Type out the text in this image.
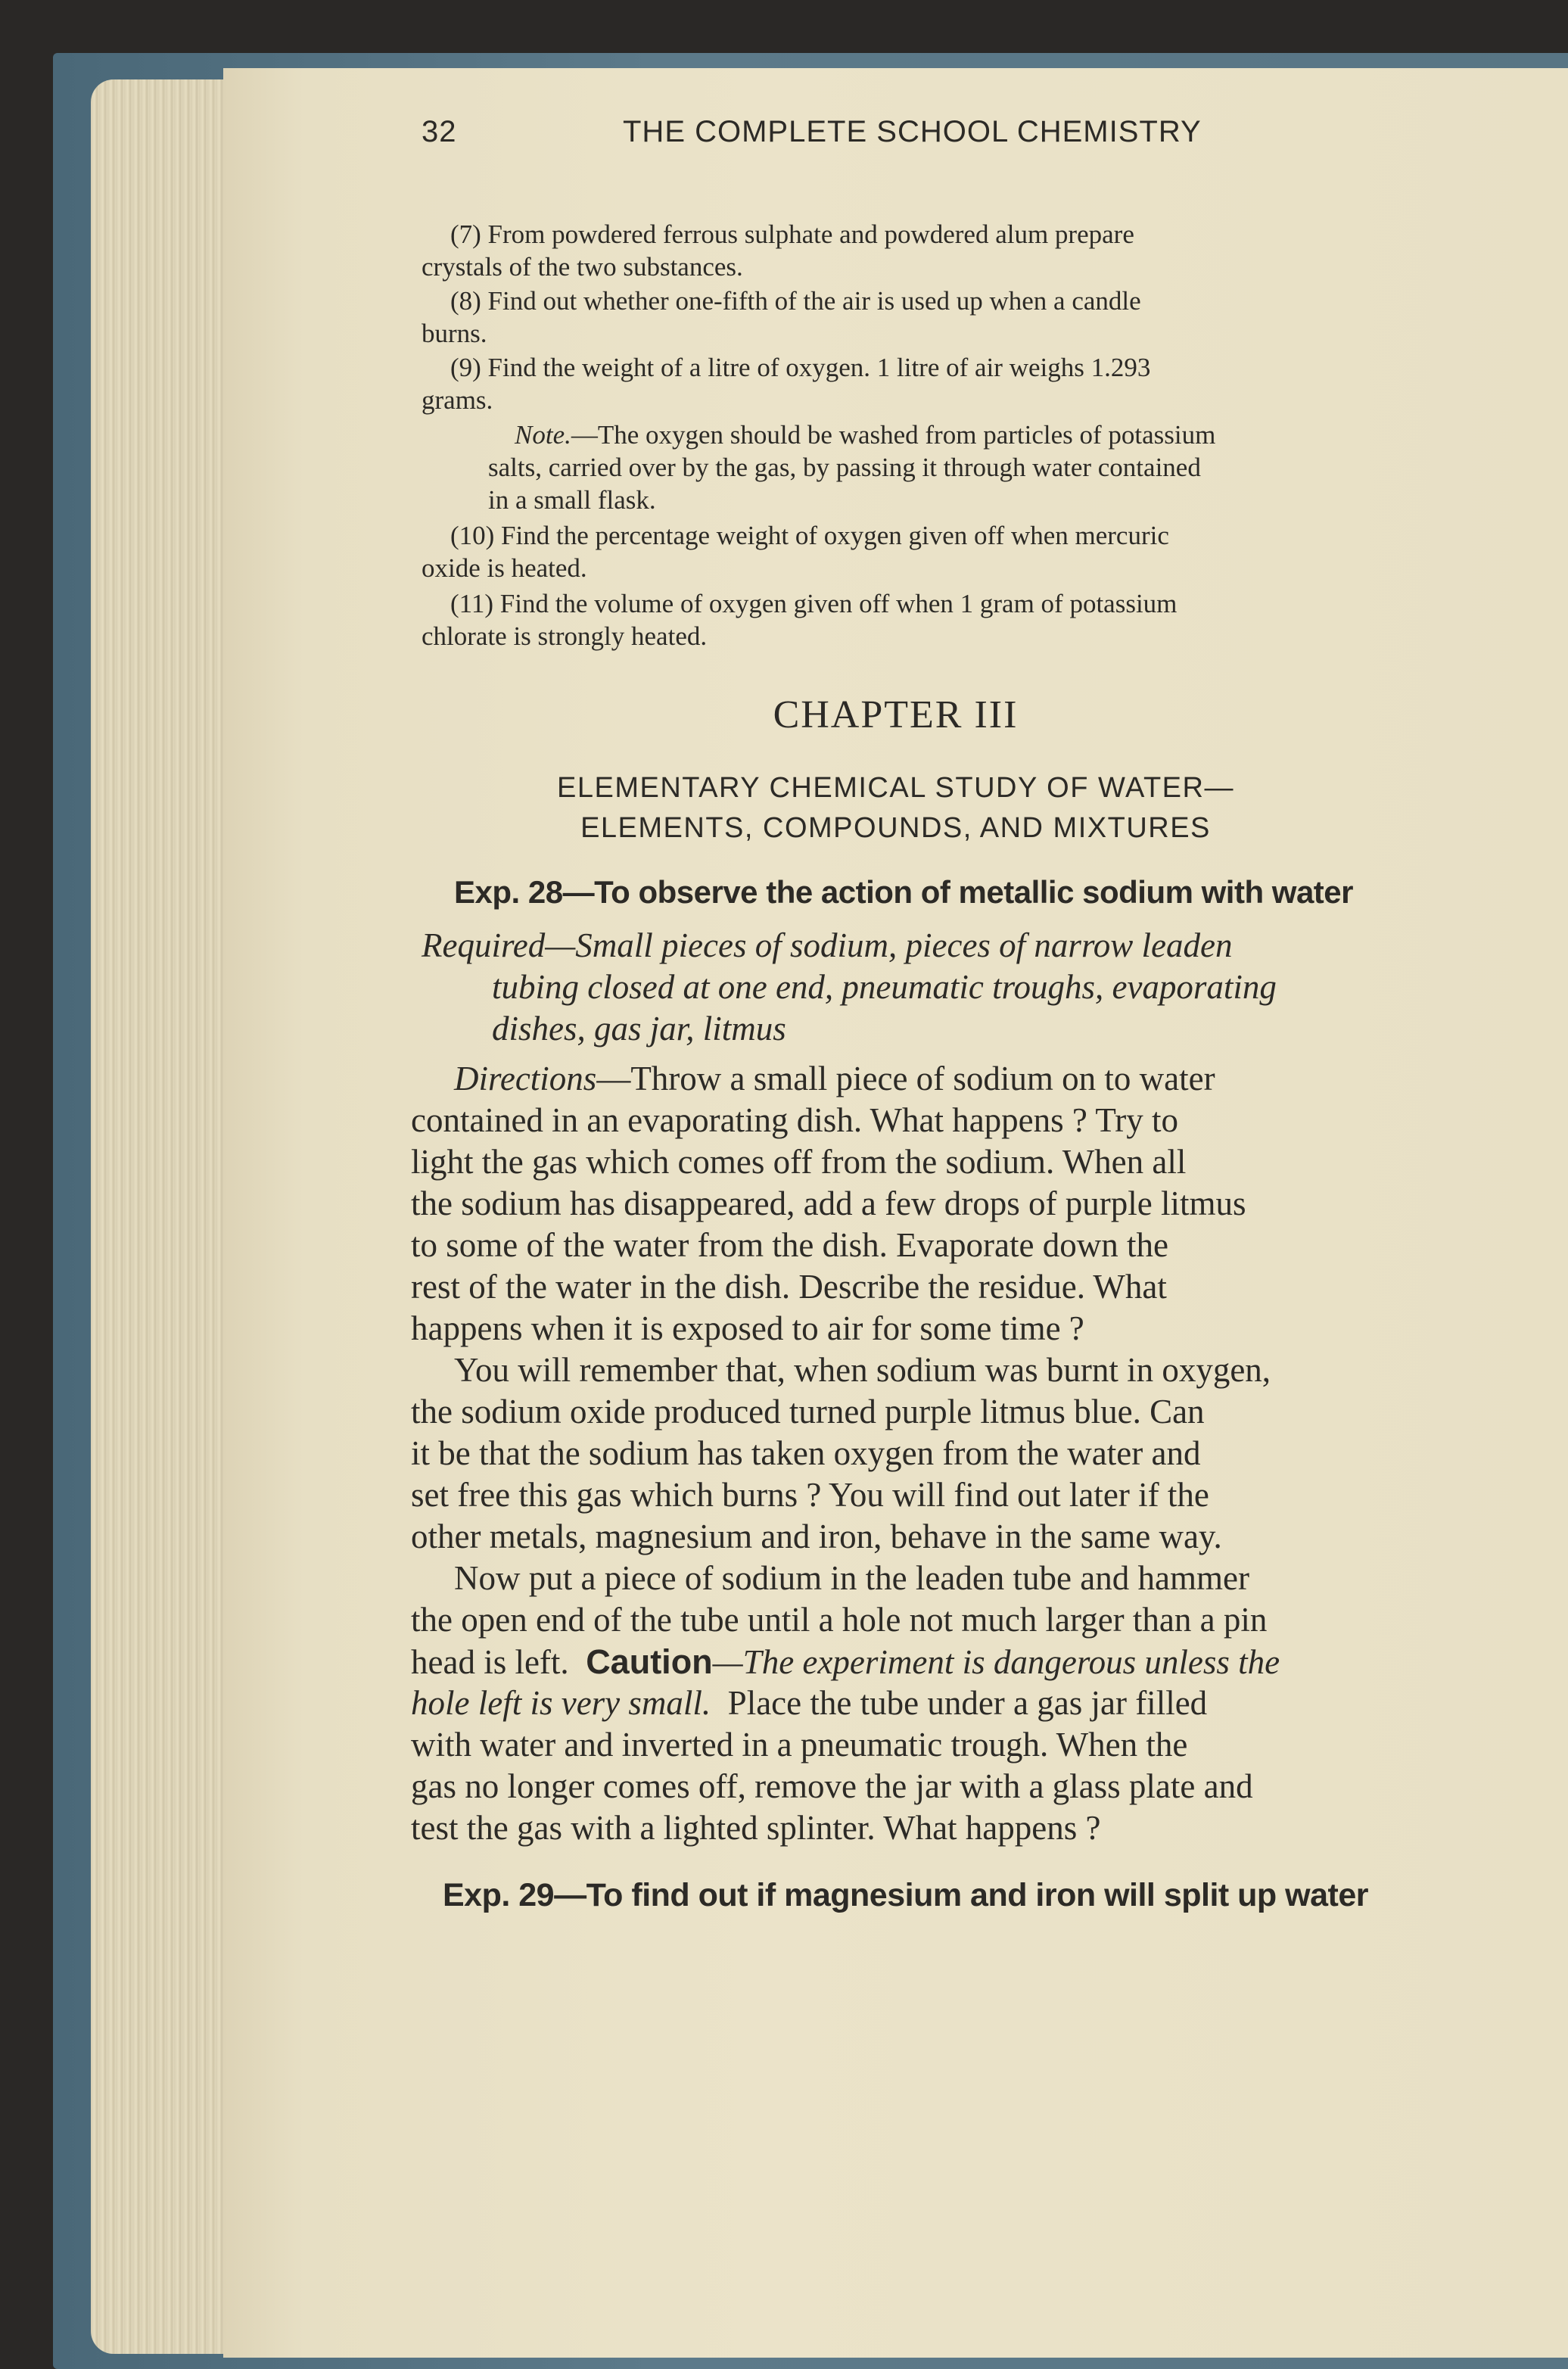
32	THE COMPLETE SCHOOL CHEMISTRY
(7) From powdered ferrous sulphate and powdered alum prepare
crystals of the two substances.
(8) Find out whether one-fifth of the air is used up when a candle
burns.
(9) Find the weight of a litre of oxygen. 1 litre of air weighs 1.293
grams.
Note.—The oxygen should be washed from particles of potassium
salts, carried over by the gas, by passing it through water contained
in a small flask.
(10) Find the percentage weight of oxygen given off when mercuric
oxide is heated.
(11) Find the volume of oxygen given off when 1 gram of potassium
chlorate is strongly heated.
CHAPTER III
ELEMENTARY CHEMICAL STUDY OF WATER—
ELEMENTS, COMPOUNDS, AND MIXTURES
Exp. 28—To observe the action of metallic sodium with water
Required—Small pieces of sodium, pieces of narrow leaden
tubing closed at one end, pneumatic troughs, evaporating
dishes, gas jar, litmus
Directions—Throw a small piece of sodium on to water
contained in an evaporating dish. What happens ? Try to
light the gas which comes off from the sodium. When all
the sodium has disappeared, add a few drops of purple litmus
to some of the water from the dish. Evaporate down the
rest of the water in the dish. Describe the residue. What
happens when it is exposed to air for some time ?
You will remember that, when sodium was burnt in oxygen,
the sodium oxide produced turned purple litmus blue. Can
it be that the sodium has taken oxygen from the water and
set free this gas which burns ? You will find out later if the
other metals, magnesium and iron, behave in the same way.
Now put a piece of sodium in the leaden tube and hammer
the open end of the tube until a hole not much larger than a pin
head is left.  Caution—The experiment is dangerous unless the
hole left is very small.  Place the tube under a gas jar filled
with water and inverted in a pneumatic trough. When the
gas no longer comes off, remove the jar with a glass plate and
test the gas with a lighted splinter. What happens ?
Exp. 29—To find out if magnesium and iron will split up water
